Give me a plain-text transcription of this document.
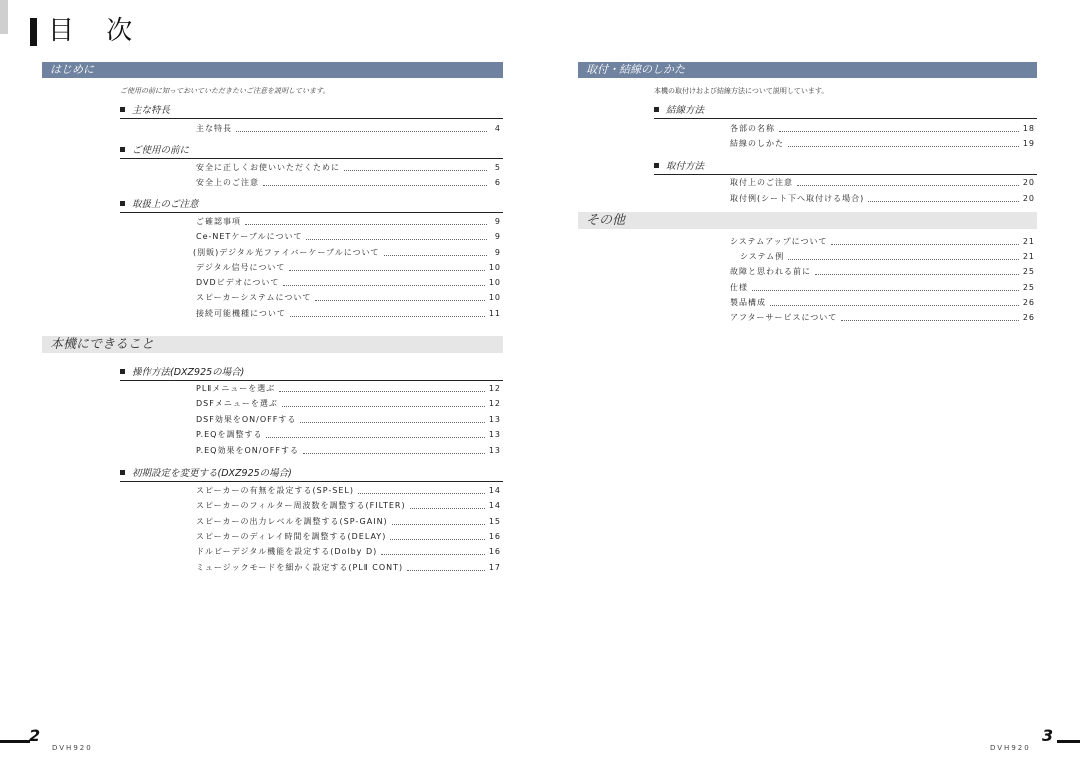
目 次
はじめに
ご使用の前に知っておいていただきたいご注意を説明しています。
主な特長
主な特長	4
ご使用の前に
安全に正しくお使いいただくために	5
安全上のご注意	6
取扱上のご注意
ご確認事項	9
Ce-NETケーブルについて	9
(別販)デジタル光ファイバーケーブルについて	9
デジタル信号について	10
DVDビデオについて	10
スピーカーシステムについて	10
接続可能機種について	11
本機にできること
操作方法(DXZ925の場合)
PLⅡメニューを選ぶ	12
DSFメニューを選ぶ	12
DSF効果をON/OFFする	13
P.EQを調整する	13
P.EQ効果をON/OFFする	13
初期設定を変更する(DXZ925の場合)
スピーカーの有無を設定する(SP-SEL)	14
スピーカーのフィルター周波数を調整する(FILTER)	14
スピーカーの出力レベルを調整する(SP-GAIN)	15
スピーカーのディレイ時間を調整する(DELAY)	16
ドルビーデジタル機能を設定する(Dolby D)	16
ミュージックモードを細かく設定する(PLⅡ CONT)	17
2
DVH920
取付・結線のしかた
本機の取付けおよび結線方法について説明しています。
結線方法
各部の名称	18
結線のしかた	19
取付方法
取付上のご注意	20
取付例(シート下へ取付ける場合)	20
その他
システムアップについて	21
システム例	21
故障と思われる前に	25
仕様	25
製品構成	26
アフターサービスについて	26
DVH920
3
